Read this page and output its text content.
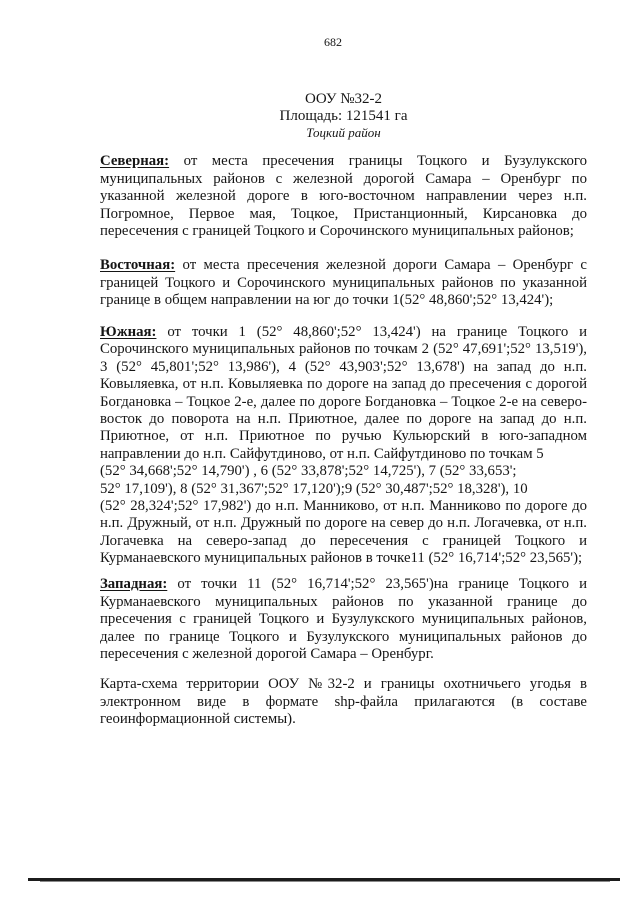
682
ООУ №32-2
Площадь: 121541 га
Тоцкий район
Северная: от места пресечения границы Тоцкого и Бузулукского
муниципальных районов с железной дорогой Самара – Оренбург по
указанной железной дороге в юго-восточном направлении через н.п.
Погромное, Первое мая, Тоцкое, Пристанционный, Кирсановка до
пересечения с границей Тоцкого и Сорочинского муниципальных районов;
Восточная: от места пресечения железной дороги Самара – Оренбург с
границей Тоцкого и Сорочинского муниципальных районов по указанной
границе в общем направлении на юг до точки 1(52° 48,860';52° 13,424');
Южная: от точки 1 (52° 48,860';52° 13,424') на границе Тоцкого и
Сорочинского муниципальных районов по точкам 2 (52° 47,691';52° 13,519'),
3 (52° 45,801';52° 13,986'), 4 (52° 43,903';52° 13,678') на запад до н.п.
Ковыляевка, от н.п. Ковыляевка по дороге на запад до пресечения с дорогой
Богдановка – Тоцкое 2-е, далее по дороге Богдановка – Тоцкое 2-е на северо-
восток до поворота на н.п. Приютное, далее по дороге на запад до н.п.
Приютное, от н.п. Приютное по ручью Кульюрский в юго-западном
направлении до н.п. Сайфутдиново, от н.п. Сайфутдиново по точкам 5
(52° 34,668';52° 14,790') , 6 (52° 33,878';52° 14,725'), 7 (52° 33,653';
52° 17,109'), 8 (52° 31,367';52° 17,120');9 (52° 30,487';52° 18,328'), 10
(52° 28,324';52° 17,982') до н.п. Манниково, от н.п. Манниково по дороге до
н.п. Дружный, от н.п. Дружный по дороге на север до н.п. Логачевка, от н.п.
Логачевка на северо-запад до пересечения с границей Тоцкого и
Курманаевского муниципальных районов в точке11 (52° 16,714';52° 23,565');
Западная: от точки 11 (52° 16,714';52° 23,565')на границе Тоцкого и
Курманаевского муниципальных районов по указанной границе до
пресечения с границей Тоцкого и Бузулукского муниципальных районов,
далее по границе Тоцкого и Бузулукского муниципальных районов до
пересечения с железной дорогой Самара – Оренбург.
Карта-схема территории ООУ №32-2 и границы охотничьего угодья в
электронном виде в формате shp-файла прилагаются (в составе
геоинформационной системы).
